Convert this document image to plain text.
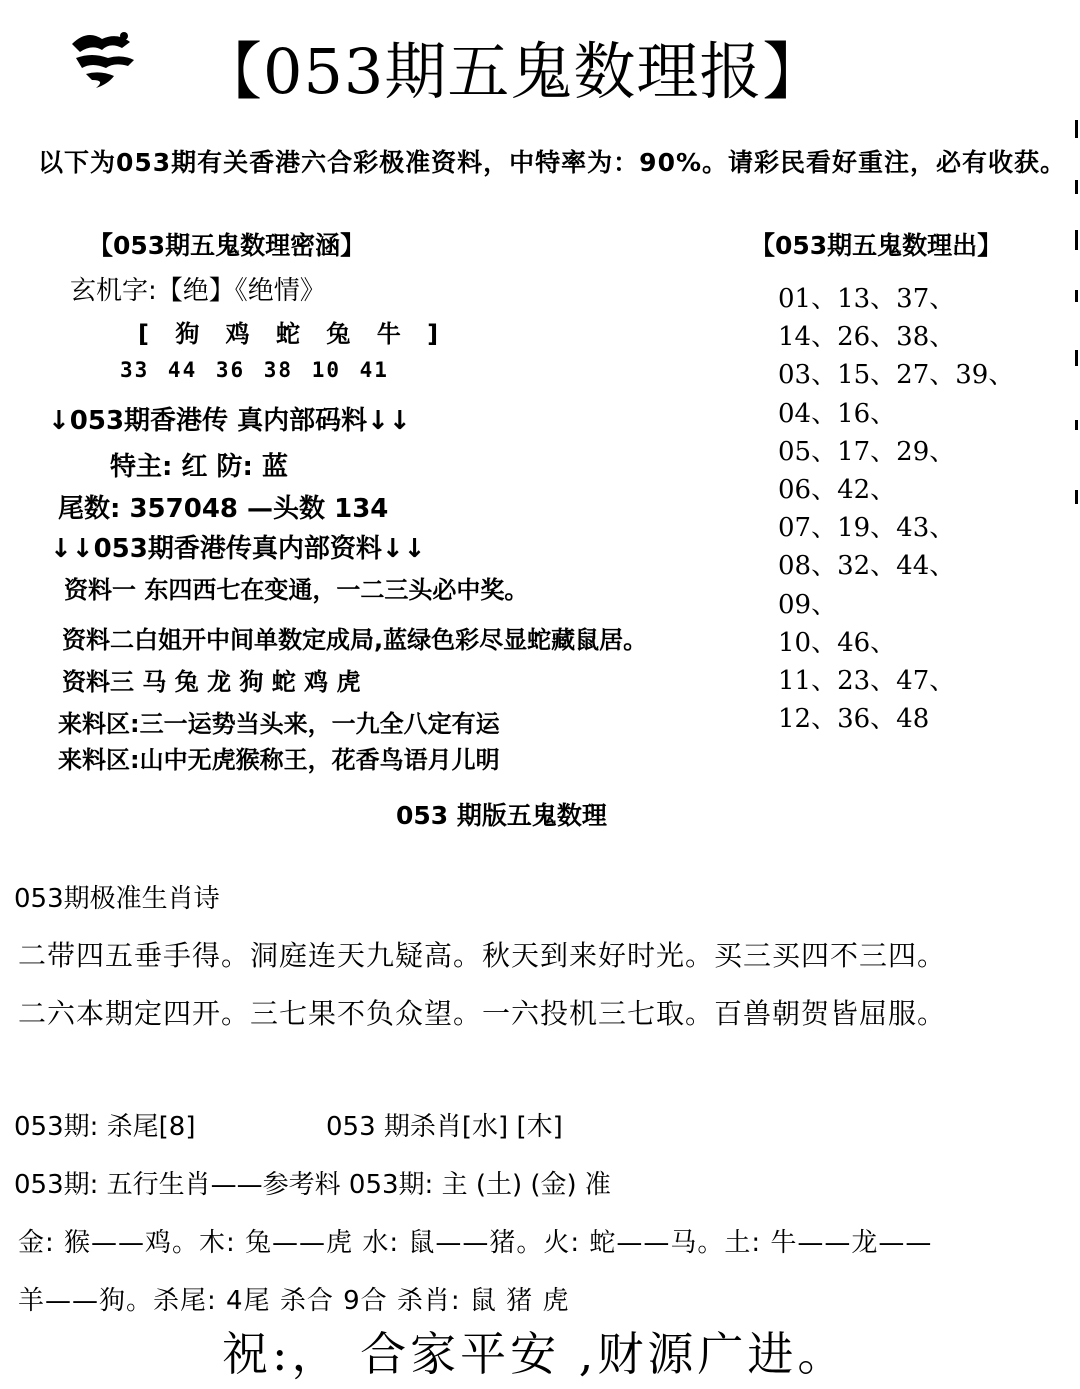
【053期五鬼数理报】
以下为053期有关香港六合彩极准资料，中特率为：90%。请彩民看好重注，必有收获。
【053期五鬼数理密涵】
玄机字:【绝】《绝情》
[ 狗 鸡 蛇 兔 牛 ]
33 44 36 38 10 41
↓053期香港传 真内部码料↓↓
特主: 红 防: 蓝
尾数: 357048 —头数 134
↓↓053期香港传真内部资料↓↓
资料一 东四西七在变通，一二三头必中奖。
资料二白姐开中间单数定成局,蓝绿色彩尽显蛇藏鼠居。
资料三 马 兔 龙 狗 蛇 鸡 虎
来料区:三一运势当头来，一九全八定有运
来料区:山中无虎猴称王，花香鸟语月儿明
【053期五鬼数理出】
01、13、37、
14、26、38、
03、15、27、39、
04、16、
05、17、29、
06、42、
07、19、43、
08、32、44、
09、
10、46、
11、23、47、
12、36、48
053 期版五鬼数理
053期极准生肖诗
二带四五垂手得。洞庭连天九疑高。秋天到来好时光。买三买四不三四。
二六本期定四开。三七果不负众望。一六投机三七取。百兽朝贺皆屈服。
053期: 杀尾[8]	053 期杀肖[水] [木]
053期: 五行生肖——参考料 053期: 主 (土) (金) 准
金: 猴——鸡。木: 兔——虎 水: 鼠——猪。火: 蛇——马。土: 牛——龙——
羊——狗。杀尾: 4尾 杀合 9合 杀肖: 鼠 猪 虎
祝:， 合家平安 ,财源广进。
